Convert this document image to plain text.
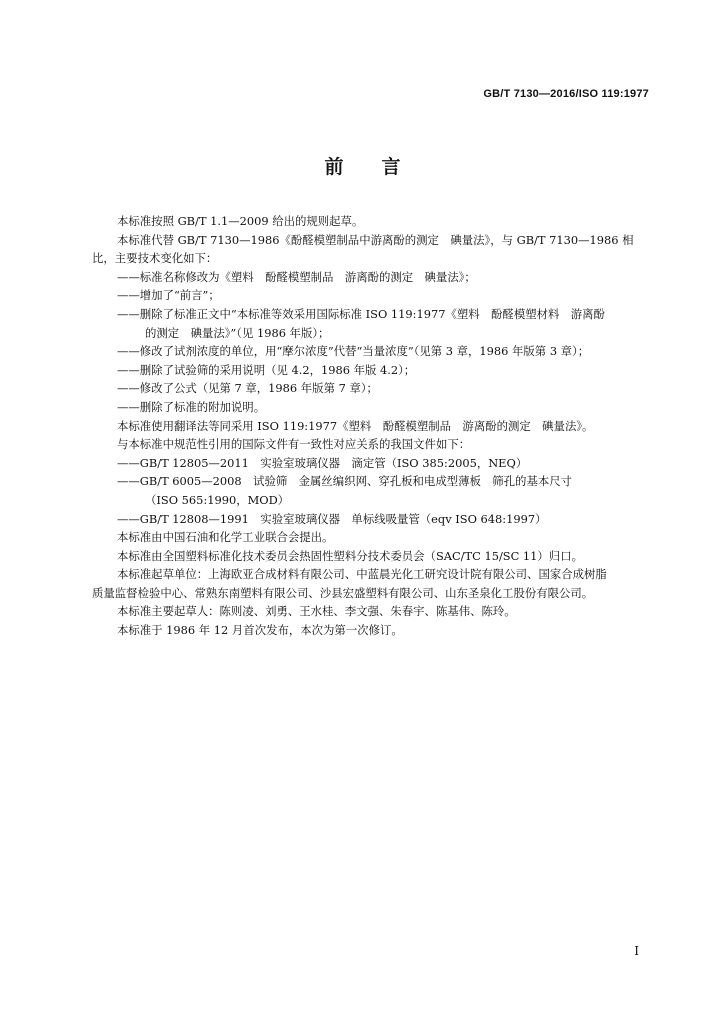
GB/T 7130—2016/ISO 119:1977
前言
本标准按照 GB/T 1.1—2009 给出的规则起草。
本标准代替 GB/T 7130—1986《酚醛模塑制品中游离酚的测定　碘量法》，与 GB/T 7130—1986 相
比，主要技术变化如下：
——标准名称修改为《塑料　酚醛模塑制品　游离酚的测定　碘量法》；
——增加了“前言”；
——删除了标准正文中“本标准等效采用国际标准 ISO 119:1977《塑料　酚醛模塑材料　游离酚
的测定　碘量法》”（见 1986 年版）；
——修改了试剂浓度的单位，用“摩尔浓度”代替“当量浓度”（见第 3 章，1986 年版第 3 章）；
——删除了试验筛的采用说明（见 4.2，1986 年版 4.2）；
——修改了公式（见第 7 章，1986 年版第 7 章）；
——删除了标准的附加说明。
本标准使用翻译法等同采用 ISO 119:1977《塑料　酚醛模塑制品　游离酚的测定　碘量法》。
与本标准中规范性引用的国际文件有一致性对应关系的我国文件如下：
——GB/T 12805—2011　实验室玻璃仪器　滴定管（ISO 385:2005，NEQ）
——GB/T 6005—2008　试验筛　金属丝编织网、穿孔板和电成型薄板　筛孔的基本尺寸
（ISO 565:1990，MOD）
——GB/T 12808—1991　实验室玻璃仪器　单标线吸量管（eqv ISO 648:1997）
本标准由中国石油和化学工业联合会提出。
本标准由全国塑料标准化技术委员会热固性塑料分技术委员会（SAC/TC 15/SC 11）归口。
本标准起草单位：上海欧亚合成材料有限公司、中蓝晨光化工研究设计院有限公司、国家合成树脂
质量监督检验中心、常熟东南塑料有限公司、沙县宏盛塑料有限公司、山东圣泉化工股份有限公司。
本标准主要起草人：陈则凌、刘勇、王水桂、李文强、朱春宇、陈基伟、陈玲。
本标准于 1986 年 12 月首次发布，本次为第一次修订。
I
